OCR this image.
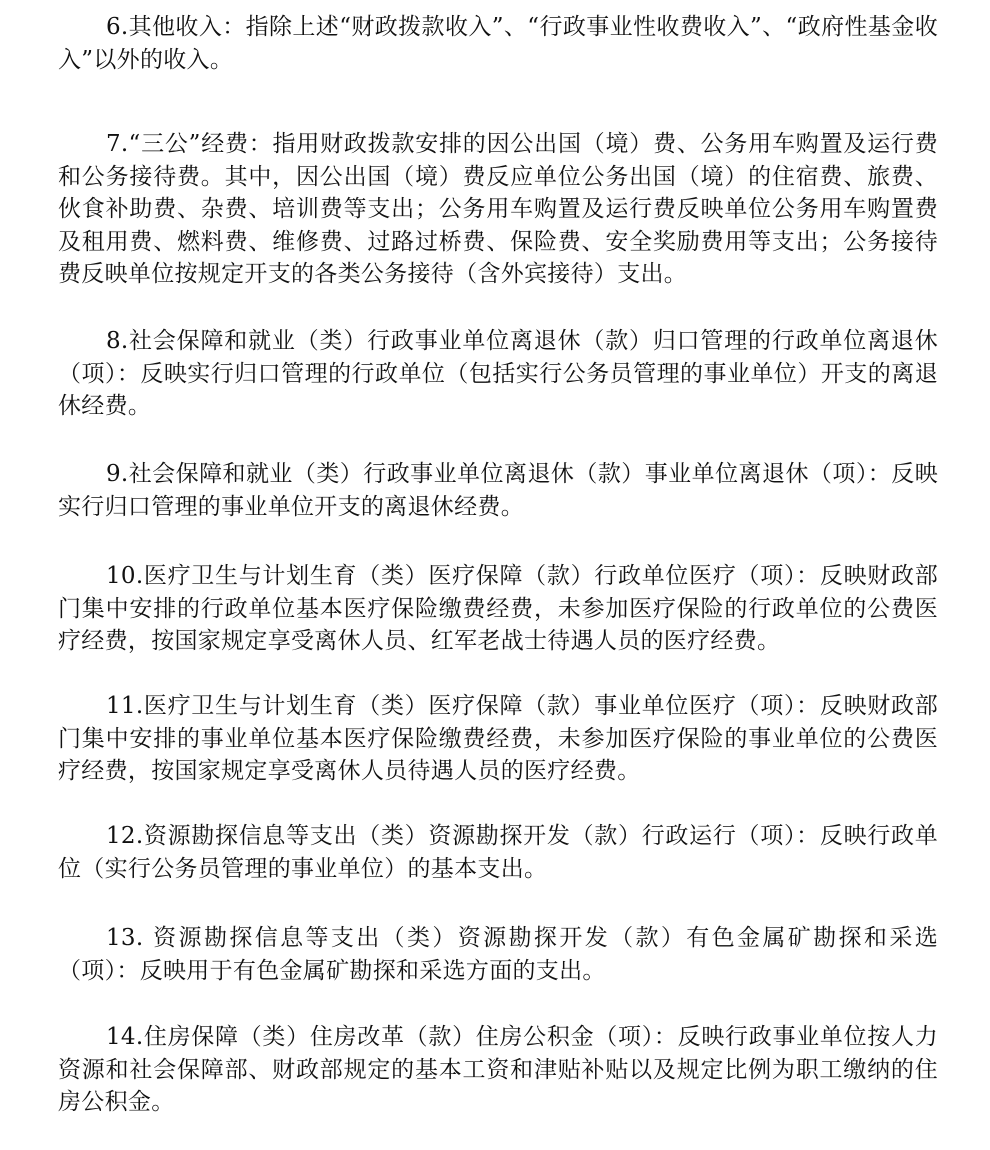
6.其他收入：指除上述“财政拨款收入”、“行政事业性收费收入”、“政府性基金收入”以外的收入。

7.“三公”经费：指用财政拨款安排的因公出国（境）费、公务用车购置及运行费和公务接待费。其中，因公出国（境）费反应单位公务出国（境）的住宿费、旅费、伙食补助费、杂费、培训费等支出；公务用车购置及运行费反映单位公务用车购置费及租用费、燃料费、维修费、过路过桥费、保险费、安全奖励费用等支出；公务接待费反映单位按规定开支的各类公务接待（含外宾接待）支出。

8.社会保障和就业（类）行政事业单位离退休（款）归口管理的行政单位离退休（项）：反映实行归口管理的行政单位（包括实行公务员管理的事业单位）开支的离退休经费。

9.社会保障和就业（类）行政事业单位离退休（款）事业单位离退休（项）：反映实行归口管理的事业单位开支的离退休经费。

10.医疗卫生与计划生育（类）医疗保障（款）行政单位医疗（项）：反映财政部门集中安排的行政单位基本医疗保险缴费经费，未参加医疗保险的行政单位的公费医疗经费，按国家规定享受离休人员、红军老战士待遇人员的医疗经费。

11.医疗卫生与计划生育（类）医疗保障（款）事业单位医疗（项）：反映财政部门集中安排的事业单位基本医疗保险缴费经费，未参加医疗保险的事业单位的公费医疗经费，按国家规定享受离休人员待遇人员的医疗经费。

12.资源勘探信息等支出（类）资源勘探开发（款）行政运行（项）：反映行政单位（实行公务员管理的事业单位）的基本支出。

13. 资源勘探信息等支出（类）资源勘探开发（款）有色金属矿勘探和采选（项）：反映用于有色金属矿勘探和采选方面的支出。

14.住房保障（类）住房改革（款）住房公积金（项）：反映行政事业单位按人力资源和社会保障部、财政部规定的基本工资和津贴补贴以及规定比例为职工缴纳的住房公积金。
